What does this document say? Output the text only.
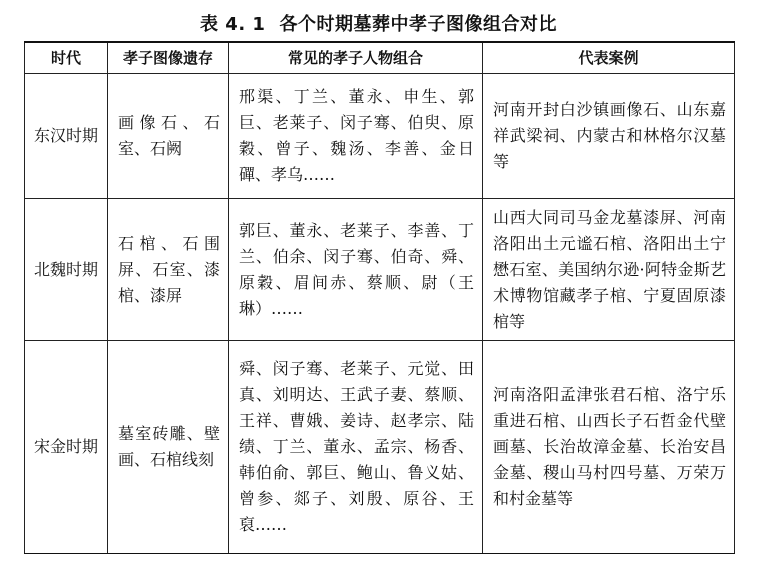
表 4. 1 各个时期墓葬中孝子图像组合对比
时代	孝子图像遗存	常见的孝子人物组合	代表案例
东汉时期	画像石、石室、石阙	邢渠、丁兰、董永、申生、郭巨、老莱子、闵子骞、伯臾、原穀、曾子、魏汤、李善、金日磾、孝乌……	河南开封白沙镇画像石、山东嘉祥武梁祠、内蒙古和林格尔汉墓等
北魏时期	石棺、石围屏、石室、漆棺、漆屏	郭巨、董永、老莱子、李善、丁兰、伯余、闵子骞、伯奇、舜、原穀、眉间赤、蔡顺、尉（王琳）……	山西大同司马金龙墓漆屏、河南洛阳出土元谧石棺、洛阳出土宁懋石室、美国纳尔逊·阿特金斯艺术博物馆藏孝子棺、宁夏固原漆棺等
宋金时期	墓室砖雕、壁画、石棺线刻	舜、闵子骞、老莱子、元觉、田真、刘明达、王武子妻、蔡顺、王祥、曹娥、姜诗、赵孝宗、陆绩、丁兰、董永、孟宗、杨香、韩伯俞、郭巨、鲍山、鲁义姑、曾参、郯子、刘殷、原谷、王裒……	河南洛阳孟津张君石棺、洛宁乐重进石棺、山西长子石哲金代壁画墓、长治故漳金墓、长治安昌金墓、稷山马村四号墓、万荣万和村金墓等
